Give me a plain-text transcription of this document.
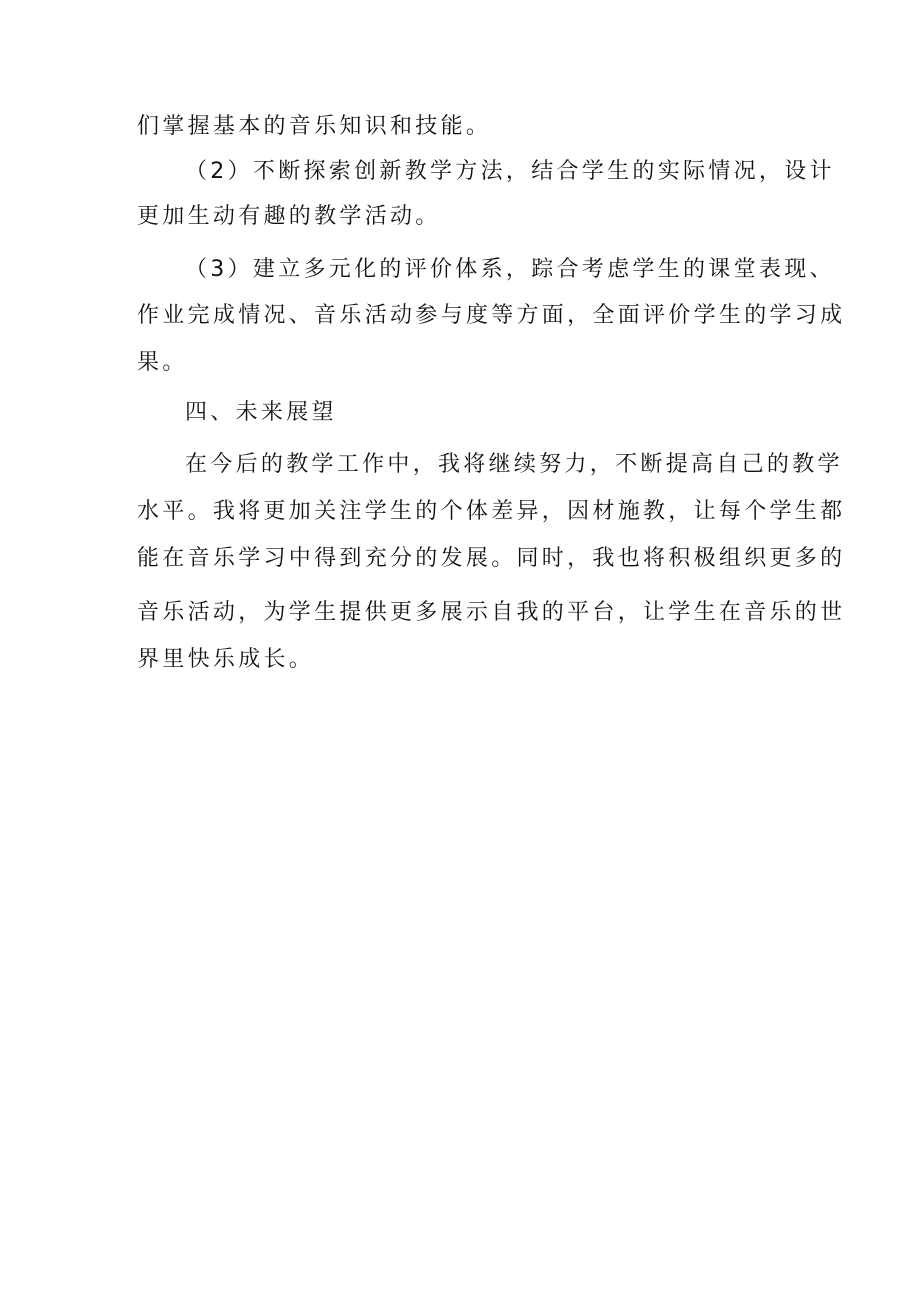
们掌握基本的音乐知识和技能。
（2）不断探索创新教学方法，结合学生的实际情况，设计
更加生动有趣的教学活动。
（3）建立多元化的评价体系，踪合考虑学生的课堂表现、
作业完成情况、音乐活动参与度等方面，全面评价学生的学习成
果。
四、未来展望
在今后的教学工作中，我将继续努力，不断提高自己的教学
水平。我将更加关注学生的个体差异，因材施教，让每个学生都
能在音乐学习中得到充分的发展。同时，我也将积极组织更多的
音乐活动，为学生提供更多展示自我的平台，让学生在音乐的世
界里快乐成长。
